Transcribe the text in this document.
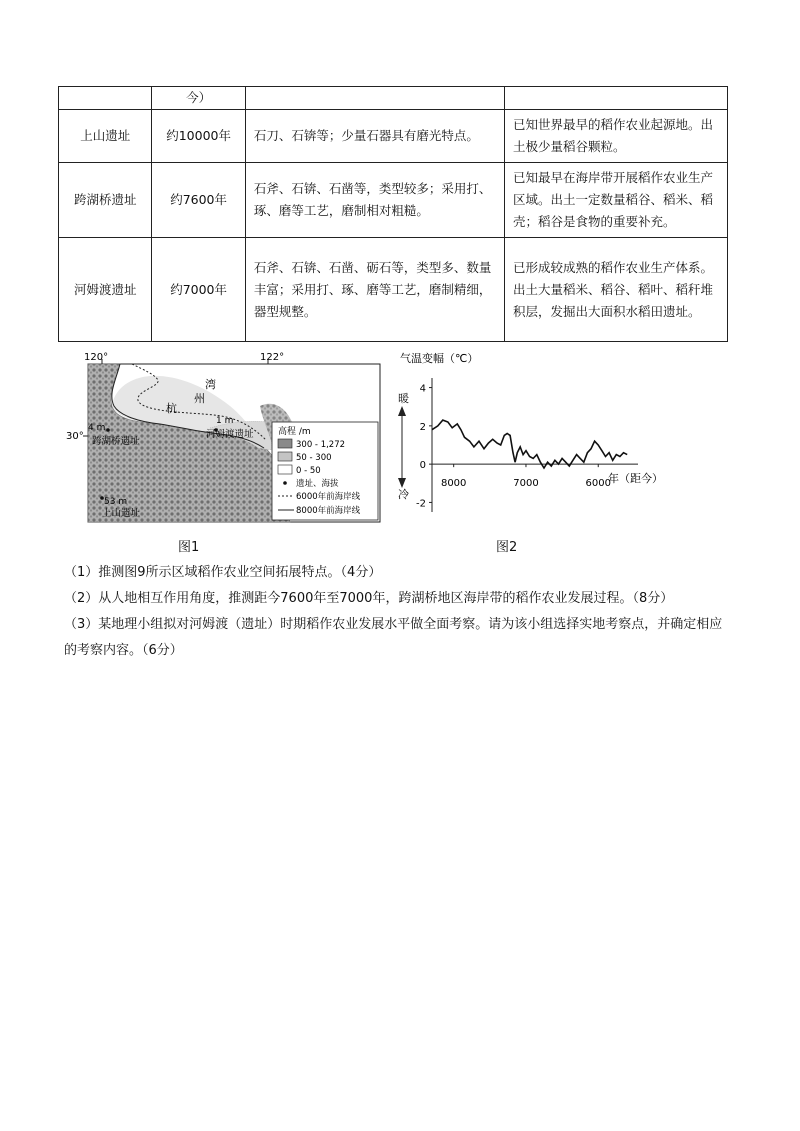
	今）		
上山遗址	约10000年	石刀、石锛等；少量石器具有磨光特点。	已知世界最早的稻作农业起源地。出土极少量稻谷颗粒。
跨湖桥遗址	约7600年	石斧、石锛、石凿等，类型较多；采用打、琢、磨等工艺，磨制相对粗糙。	已知最早在海岸带开展稻作农业生产区域。出土一定数量稻谷、稻米、稻壳；稻谷是食物的重要补充。
河姆渡遗址	约7000年	石斧、石锛、石凿、砺石等，类型多、数量丰富；采用打、琢、磨等工艺，磨制精细，器型规整。	已形成较成熟的稻作农业生产体系。出土大量稻米、稻谷、稻叶、稻秆堆积层，发掘出大面积水稻田遗址。
120°	122°
30°
湾
州
杭
4 m
跨湖桥遗址
1 m
河姆渡遗址
53 m
上山遗址
高程 /m
300 - 1,272
50 - 300
0 - 50
遗址、海拔
6000年前海岸线
8000年前海岸线
图1
气温变幅（℃）
暖
冷
4
2
0
-2
8000	7000	6000
年（距今）
图2

（1）推测图9所示区域稻作农业空间拓展特点。（4分）

（2）从人地相互作用角度，推测距今7600年至7000年，跨湖桥地区海岸带的稻作农业发展过程。（8分）

（3）某地理小组拟对河姆渡（遗址）时期稻作农业发展水平做全面考察。请为该小组选择实地考察点，并确定相应的考察内容。（6分）
